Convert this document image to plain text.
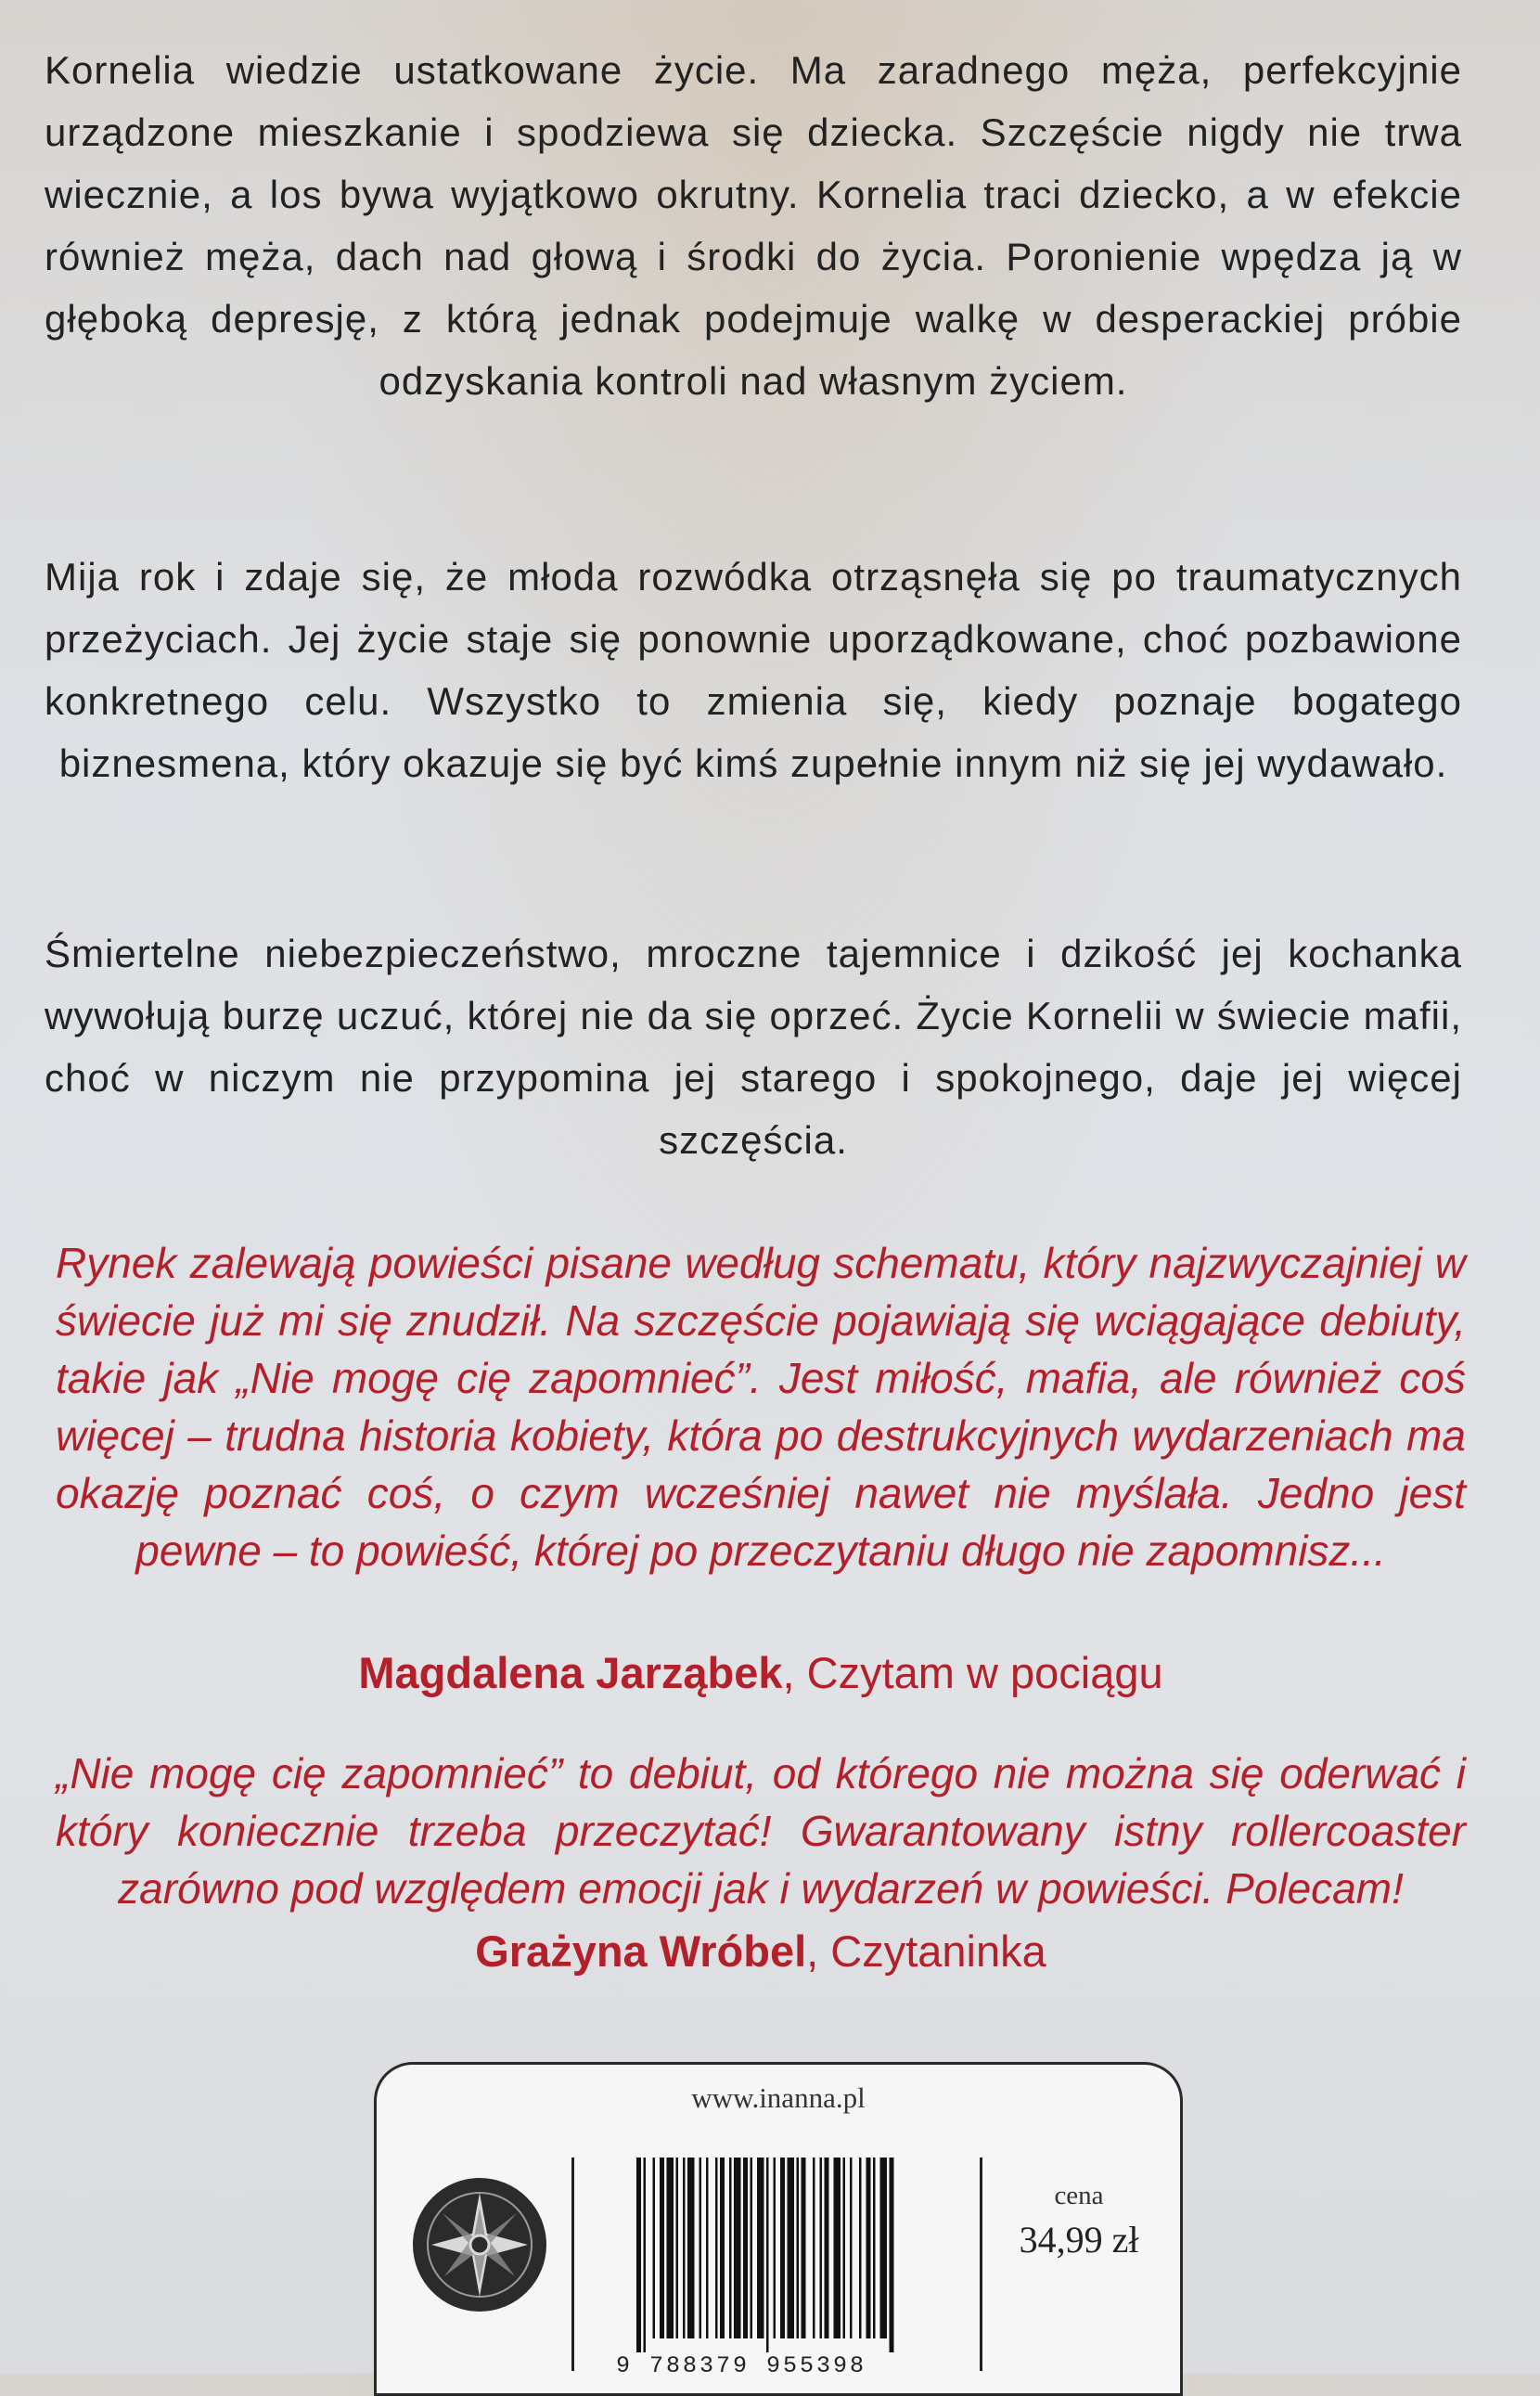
Kornelia wiedzie ustatkowane życie. Ma zaradnego męża, perfekcyjnie urządzone mieszkanie i spodziewa się dziecka. Szczęście nigdy nie trwa wiecznie, a los bywa wyjątkowo okrutny. Kornelia traci dziecko, a w efekcie również męża, dach nad głową i środki do życia. Poronienie wpędza ją w głęboką depresję, z którą jednak podejmuje walkę w desperackiej próbie odzyskania kontroli nad własnym życiem.
Mija rok i zdaje się, że młoda rozwódka otrząsnęła się po traumatycznych przeżyciach. Jej życie staje się ponownie uporządkowane, choć pozbawione konkretnego celu. Wszystko to zmienia się, kiedy poznaje bogatego biznesmena, który okazuje się być kimś zupełnie innym niż się jej wydawało.
Śmiertelne niebezpieczeństwo, mroczne tajemnice i dzikość jej kochanka wywołują burzę uczuć, której nie da się oprzeć. Życie Kornelii w świecie mafii, choć w niczym nie przypomina jej starego i spokojnego, daje jej więcej szczęścia.
Rynek zalewają powieści pisane według schematu, który najzwyczajniej w świecie już mi się znudził. Na szczęście pojawiają się wciągające debiuty, takie jak „Nie mogę cię zapomnieć”. Jest miłość, mafia, ale również coś więcej – trudna historia kobiety, która po destrukcyjnych wydarzeniach ma okazję poznać coś, o czym wcześniej nawet nie myślała. Jedno jest pewne – to powieść, której po przeczytaniu długo nie zapomnisz...
Magdalena Jarząbek, Czytam w pociągu
„Nie mogę cię zapomnieć” to debiut, od którego nie można się oderwać i który koniecznie trzeba przeczytać! Gwarantowany istny rollercoaster zarówno pod względem emocji jak i wydarzeń w powieści. Polecam!
Grażyna Wróbel, Czytaninka
www.inanna.pl
9 788379 955398
cena
34,99 zł
